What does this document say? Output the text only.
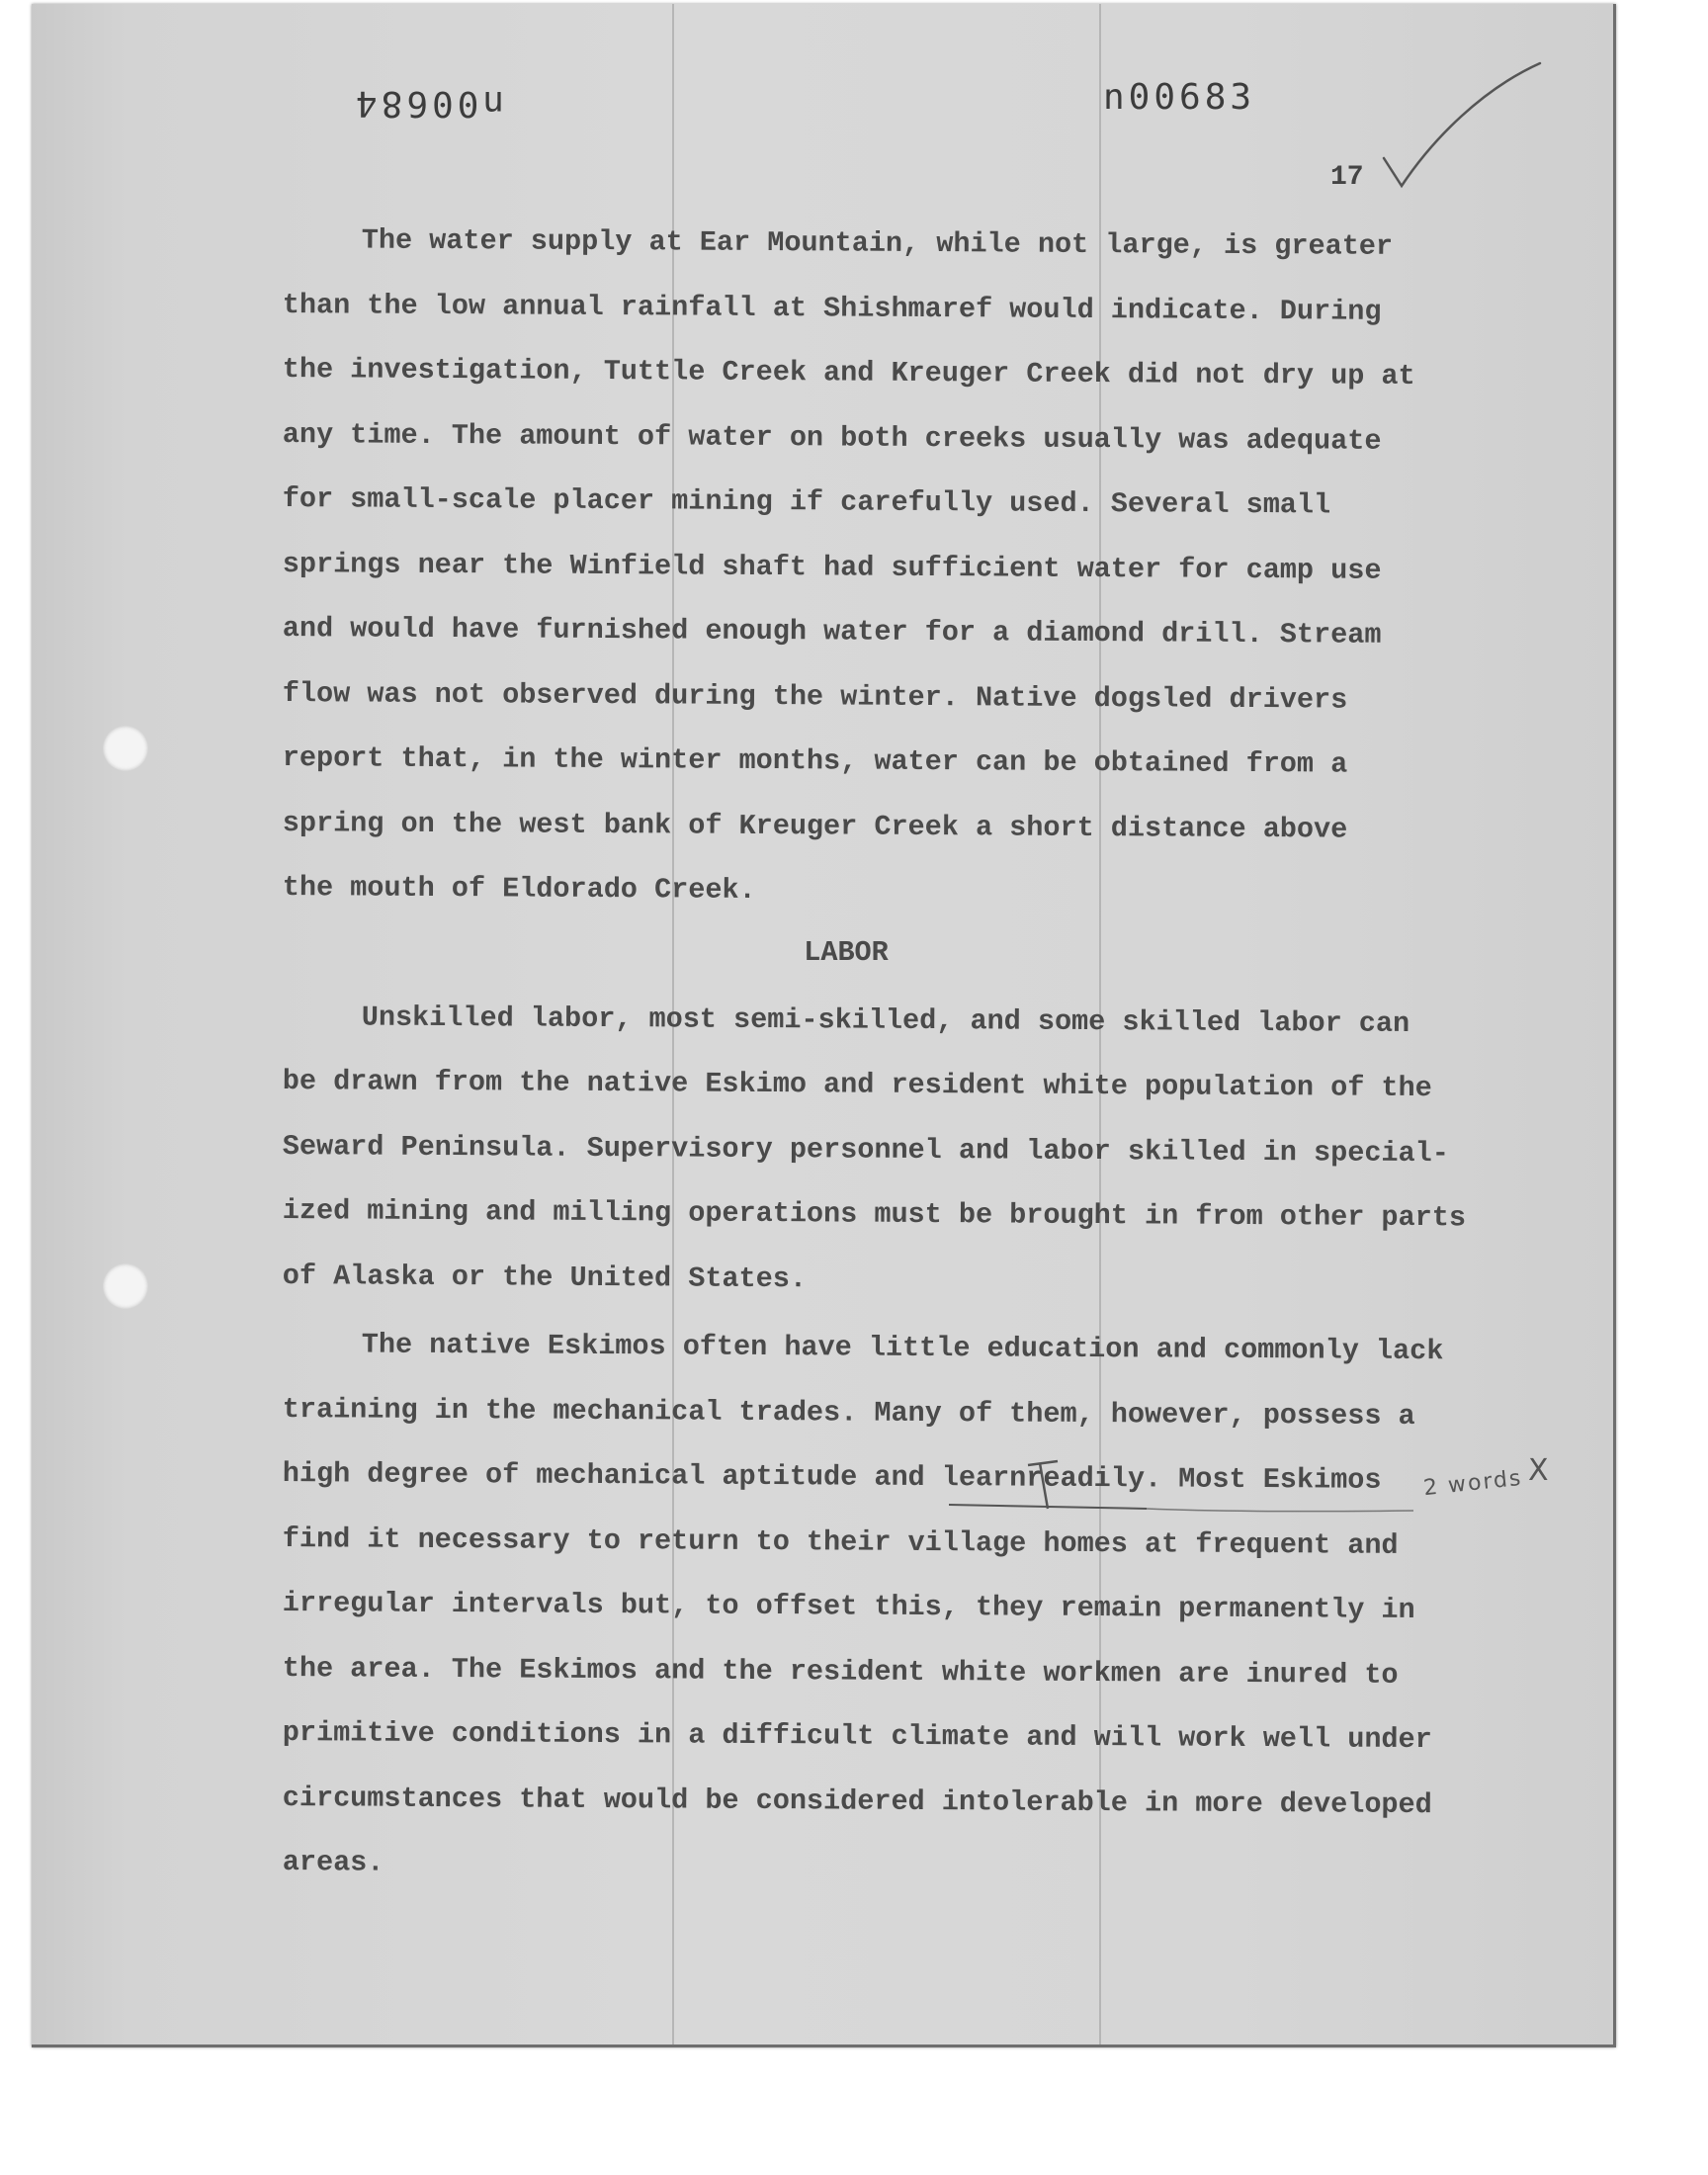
n00684	n00683
17

The water supply at Ear Mountain, while not large, is greater

than the low annual rainfall at Shishmaref would indicate. During

the investigation, Tuttle Creek and Kreuger Creek did not dry up at

any time. The amount of water on both creeks usually was adequate

for small-scale placer mining if carefully used. Several small

springs near the Winfield shaft had sufficient water for camp use

and would have furnished enough water for a diamond drill. Stream

flow was not observed during the winter. Native dogsled drivers

report that, in the winter months, water can be obtained from a

spring on the west bank of Kreuger Creek a short distance above

the mouth of Eldorado Creek.

LABOR

Unskilled labor, most semi-skilled, and some skilled labor can

be drawn from the native Eskimo and resident white population of the

Seward Peninsula. Supervisory personnel and labor skilled in special-

ized mining and milling operations must be brought in from other parts

of Alaska or the United States.

The native Eskimos often have little education and commonly lack

training in the mechanical trades. Many of them, however, possess a

high degree of mechanical aptitude and learnreadily. Most Eskimos

find it necessary to return to their village homes at frequent and

irregular intervals but, to offset this, they remain permanently in

the area. The Eskimos and the resident white workmen are inured to

primitive conditions in a difficult climate and will work well under

circumstances that would be considered intolerable in more developed

areas.

2 words X
